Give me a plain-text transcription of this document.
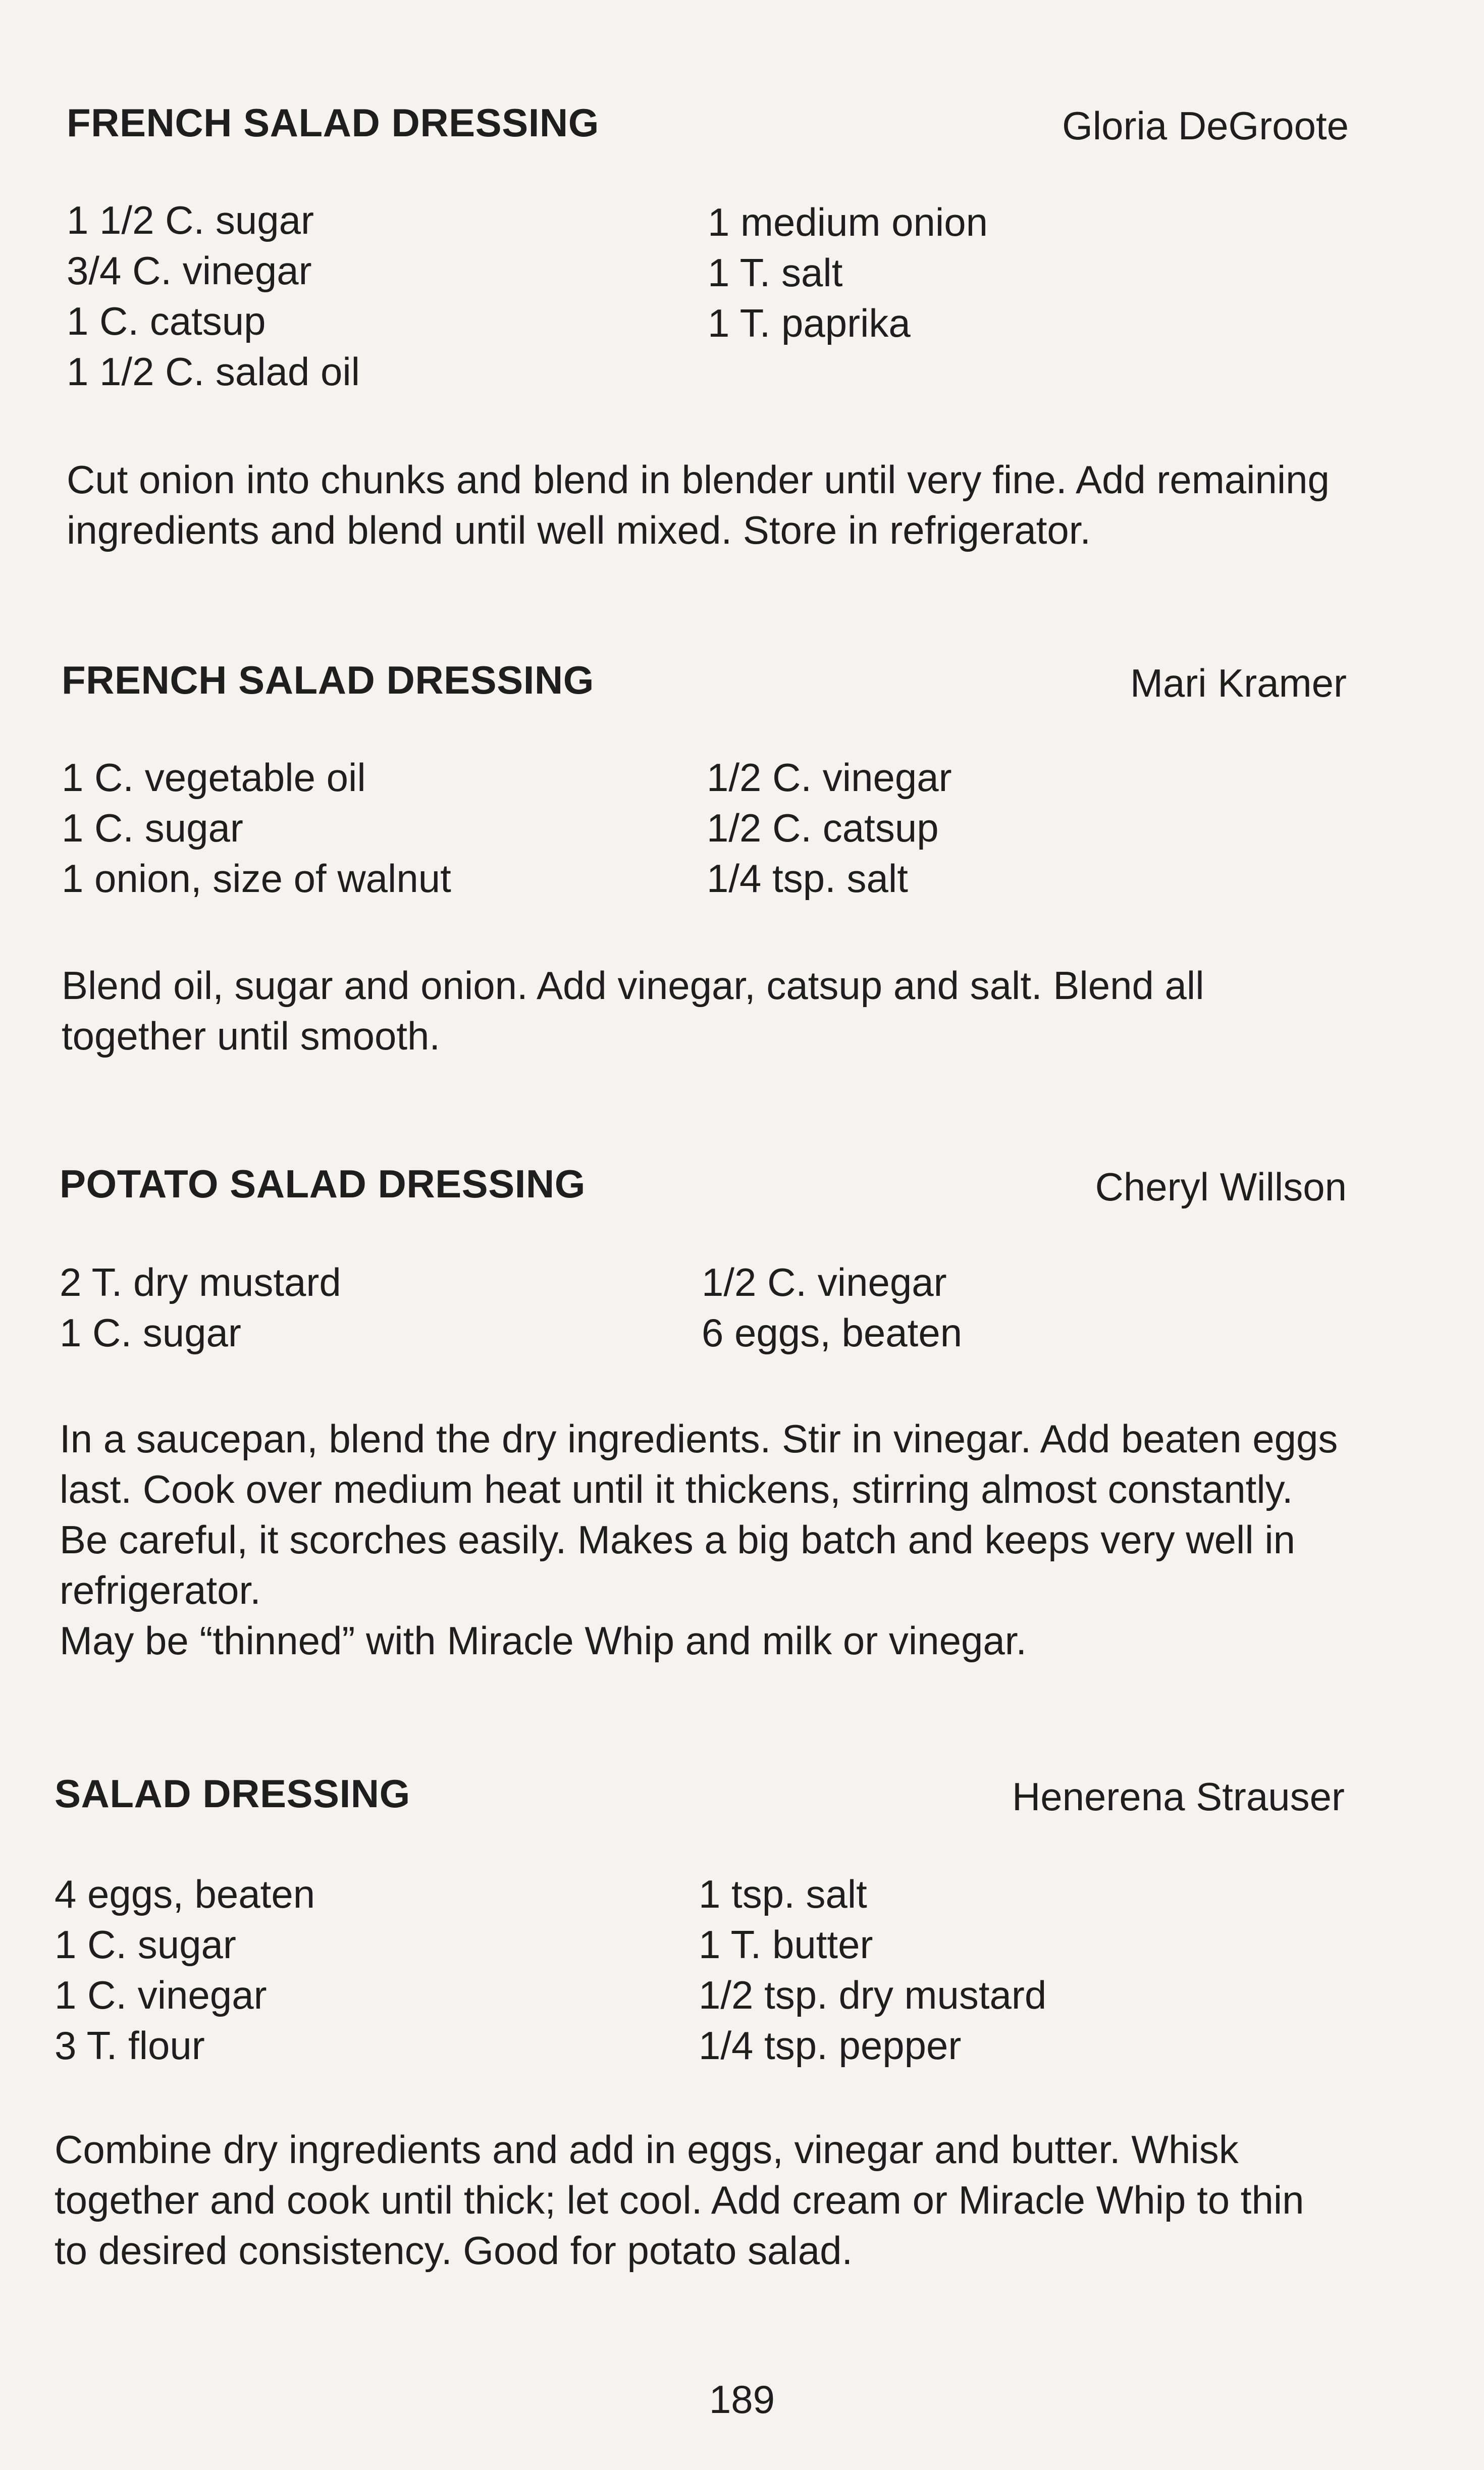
FRENCH SALAD DRESSING	Gloria DeGroote
1 1/2 C. sugar
3/4 C. vinegar
1 C. catsup
1 1/2 C. salad oil
1 medium onion
1 T. salt
1 T. paprika

Cut onion into chunks and blend in blender until very fine. Add remaining ingredients and blend until well mixed. Store in refrigerator.

FRENCH SALAD DRESSING	Mari Kramer
1 C. vegetable oil
1 C. sugar
1 onion, size of walnut
1/2 C. vinegar
1/2 C. catsup
1/4 tsp. salt

Blend oil, sugar and onion. Add vinegar, catsup and salt. Blend all together until smooth.

POTATO SALAD DRESSING	Cheryl Willson
2 T. dry mustard
1 C. sugar
1/2 C. vinegar
6 eggs, beaten

In a saucepan, blend the dry ingredients. Stir in vinegar. Add beaten eggs last. Cook over medium heat until it thickens, stirring almost constantly. Be careful, it scorches easily. Makes a big batch and keeps very well in refrigerator.

May be “thinned” with Miracle Whip and milk or vinegar.

SALAD DRESSING	Henerena Strauser
4 eggs, beaten
1 C. sugar
1 C. vinegar
3 T. flour
1 tsp. salt
1 T. butter
1/2 tsp. dry mustard
1/4 tsp. pepper

Combine dry ingredients and add in eggs, vinegar and butter. Whisk together and cook until thick; let cool. Add cream or Miracle Whip to thin to desired consistency. Good for potato salad.

189
